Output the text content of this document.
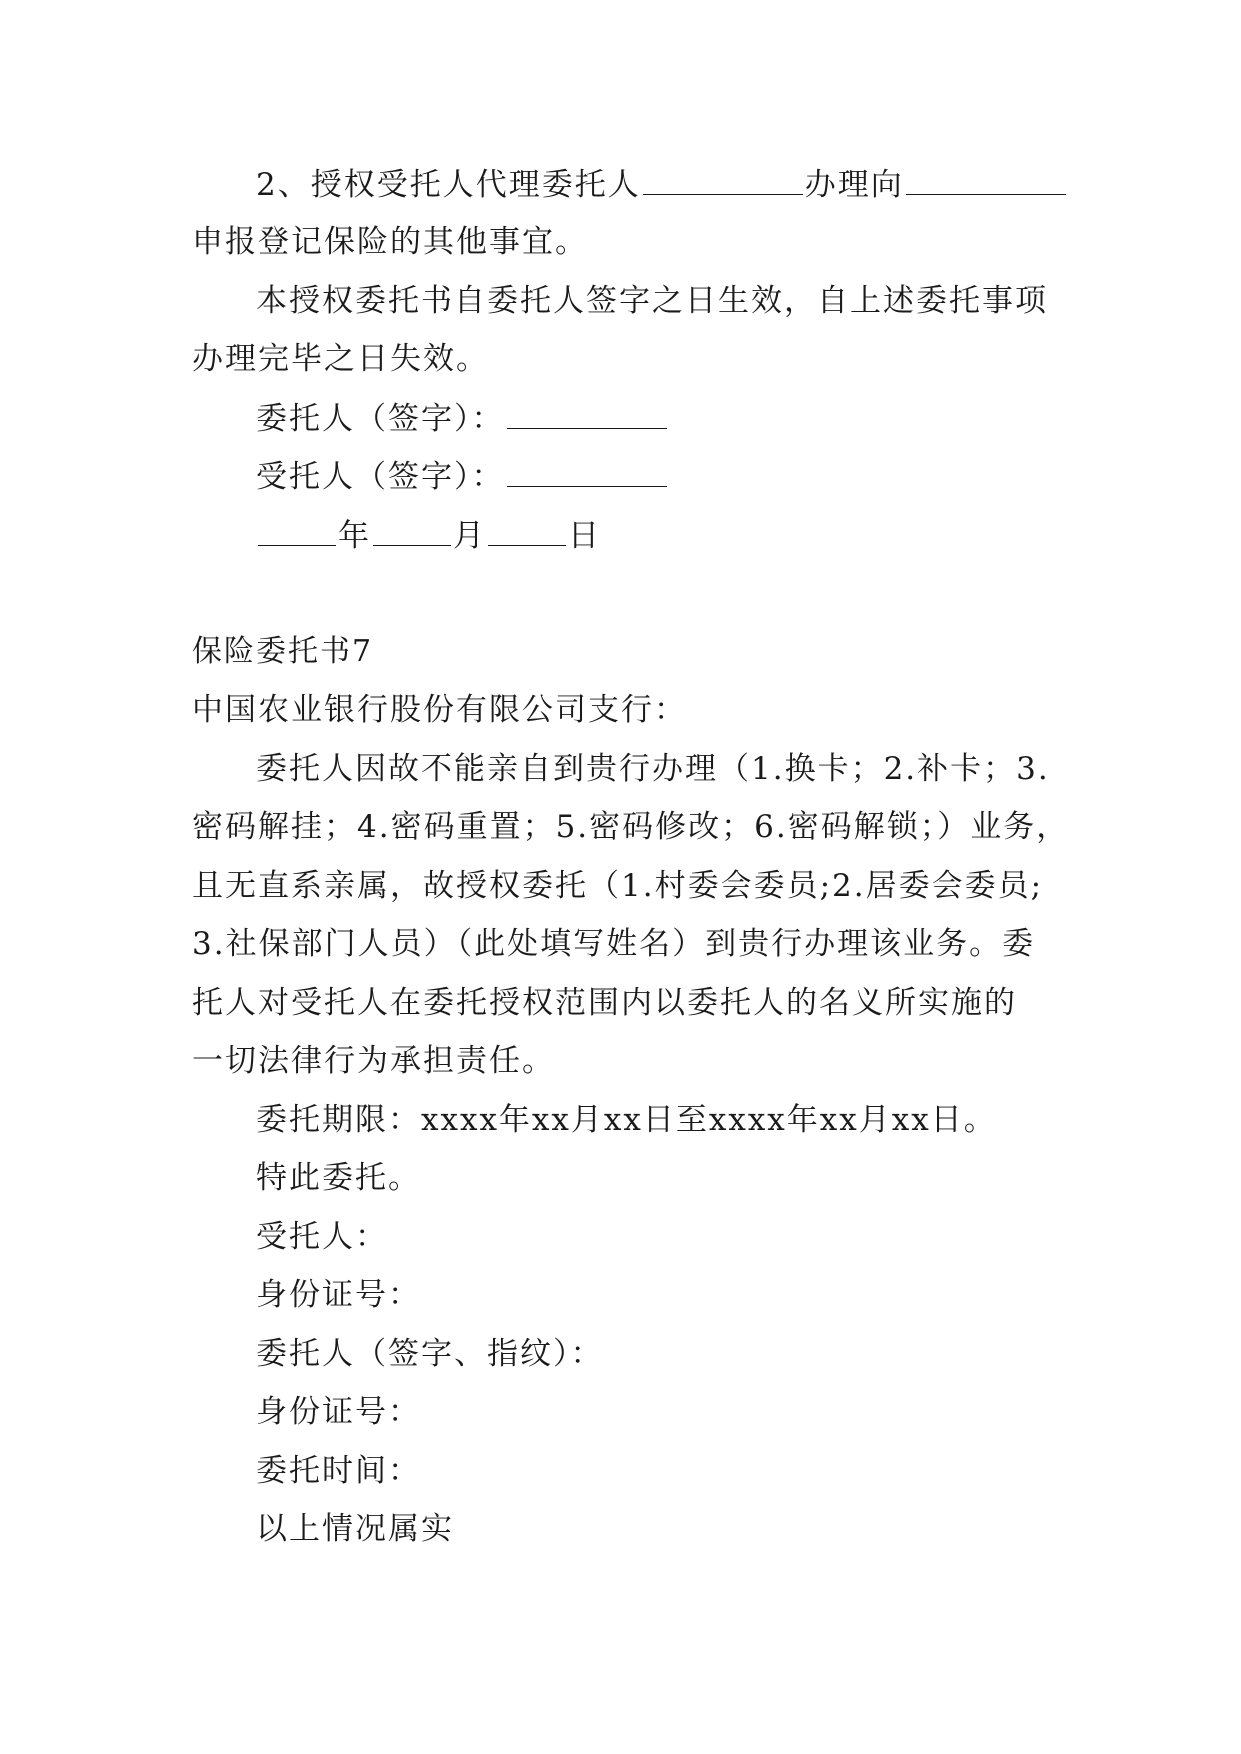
2、授权受托人代理委托人	办理向
申报登记保险的其他事宜。
本授权委托书自委托人签字之日生效，自上述委托事项
办理完毕之日失效。
委托人（签字）：
受托人（签字）：
年	月	日
保险委托书7
中国农业银行股份有限公司支行：
委托人因故不能亲自到贵行办理（1.换卡；2.补卡；3.
密码解挂；4.密码重置；5.密码修改；6.密码解锁；）业务，
且无直系亲属，故授权委托（1.村委会委员;2.居委会委员;
3.社保部门人员）（此处填写姓名）到贵行办理该业务。委
托人对受托人在委托授权范围内以委托人的名义所实施的
一切法律行为承担责任。
委托期限：xxxx年xx月xx日至xxxx年xx月xx日。
特此委托。
受托人：
身份证号：
委托人（签字、指纹）：
身份证号：
委托时间：
以上情况属实
